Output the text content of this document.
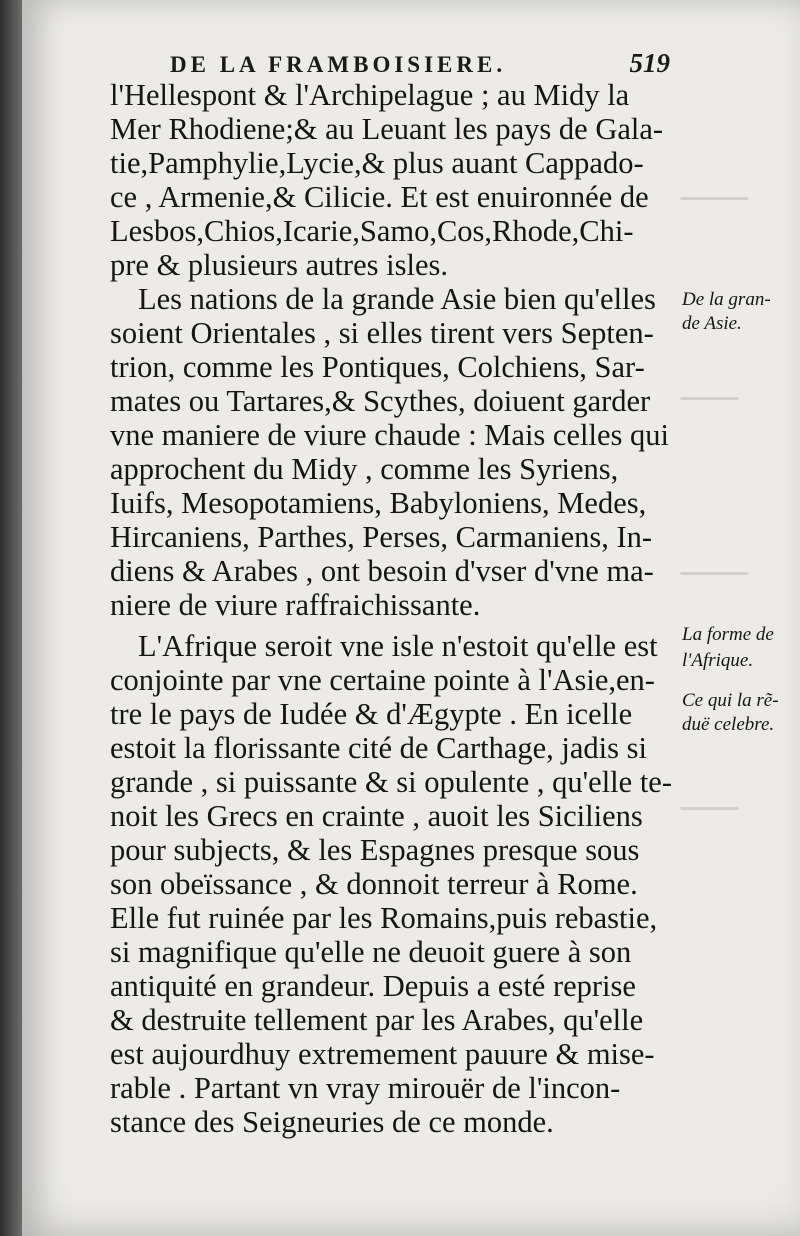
DE LA FRAMBOISIERE.	519
━━━━━━━
━━━━━━
━━━━━━━
━━━━━━
l'Hellespont & l'Archipelague ; au Midy la
Mer Rhodiene;& au Leuant les pays de Gala-
tie,Pamphylie,Lycie,& plus auant Cappado-
ce , Armenie,& Cilicie. Et est enuironnée de
Lesbos,Chios,Icarie,Samo,Cos,Rhode,Chi-
pre & plusieurs autres isles.
Les nations de la grande Asie bien qu'elles
soient Orientales , si elles tirent vers Septen-
trion, comme les Pontiques, Colchiens, Sar-
mates ou Tartares,& Scythes, doiuent garder
vne maniere de viure chaude : Mais celles qui
approchent du Midy , comme les Syriens,
Iuifs, Mesopotamiens, Babyloniens, Medes,
Hircaniens, Parthes, Perses, Carmaniens, In-
diens & Arabes , ont besoin d'vser d'vne ma-
niere de viure raffraichissante.
L'Afrique seroit vne isle n'estoit qu'elle est
conjointe par vne certaine pointe à l'Asie,en-
tre le pays de Iudée & d'Ægypte . En icelle
estoit la florissante cité de Carthage, jadis si
grande , si puissante & si opulente , qu'elle te-
noit les Grecs en crainte , auoit les Siciliens
pour subjects, & les Espagnes presque sous
son obeïssance , & donnoit terreur à Rome.
Elle fut ruinée par les Romains,puis rebastie,
si magnifique qu'elle ne deuoit guere à son
antiquité en grandeur. Depuis a esté reprise
& destruite tellement par les Arabes, qu'elle
est aujourdhuy extremement pauure & mise-
rable . Partant vn vray mirouër de l'incon-
stance des Seigneuries de ce monde.
De la gran-
de Asie.
La forme de
l'Afrique.
Ce qui la rẽ-
duë celebre.
